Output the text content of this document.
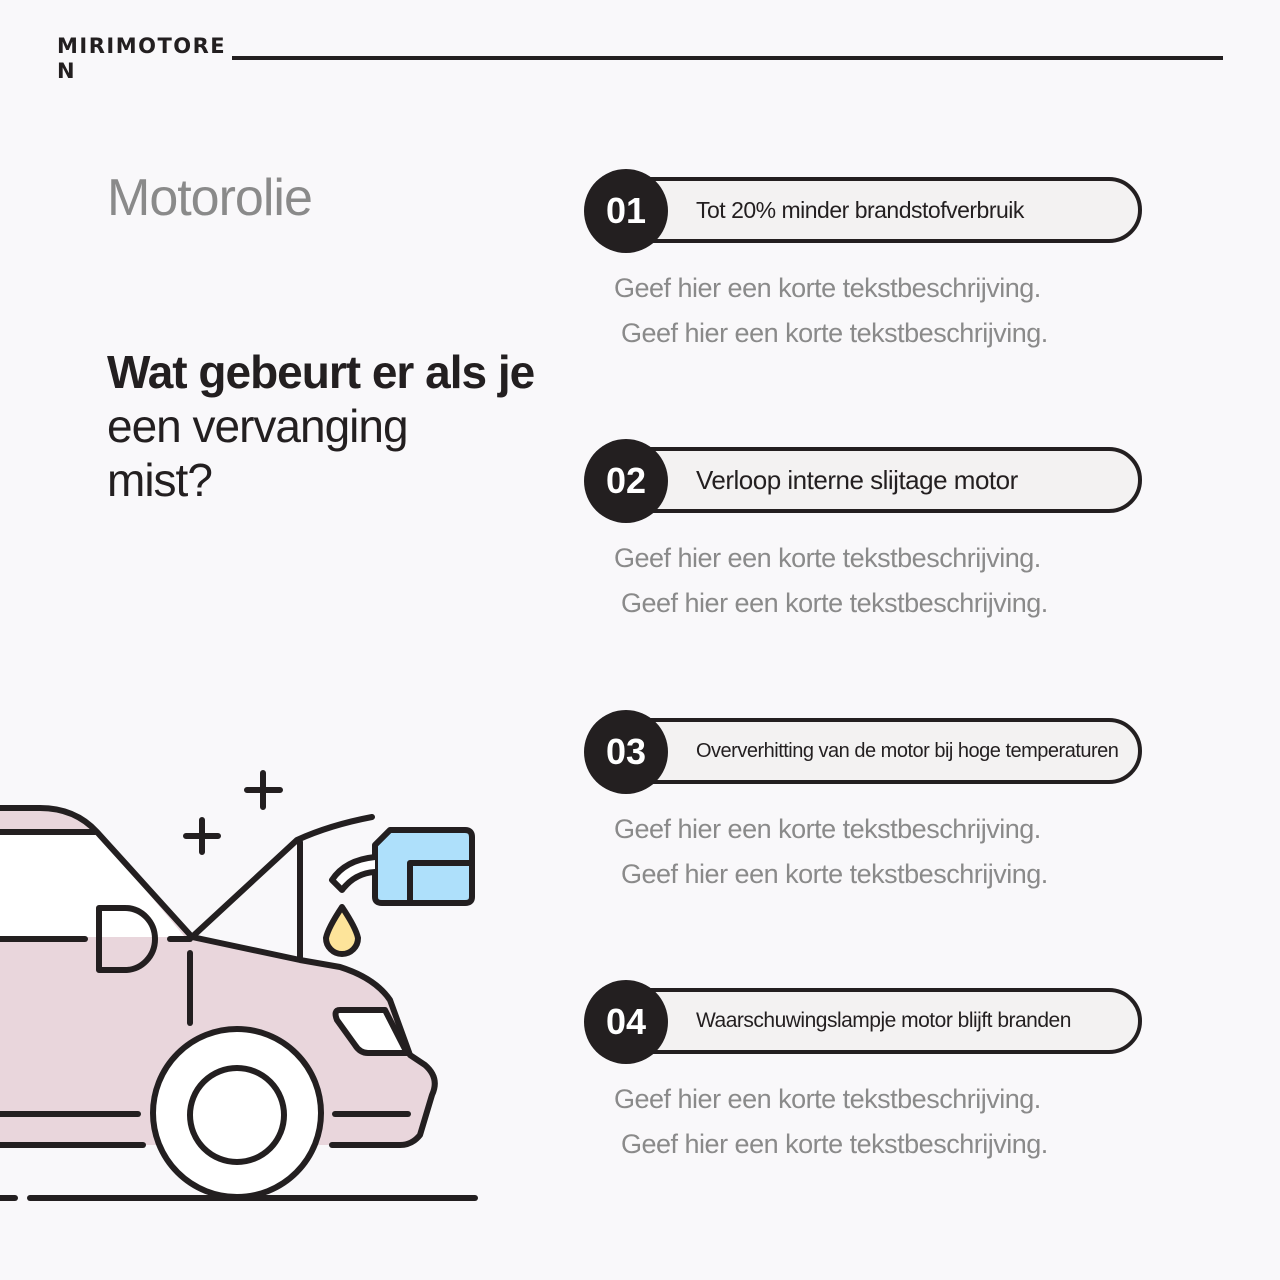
MIRIMOTOREN
Motorolie
Wat gebeurt er als je
een vervanging
mist?
Tot 20% minder brandstofverbruik
01
Geef hier een korte tekstbeschrijving.
Geef hier een korte tekstbeschrijving.
Verloop interne slijtage motor
02
Geef hier een korte tekstbeschrijving.
Geef hier een korte tekstbeschrijving.
Oververhitting van de motor bij hoge temperaturen
03
Geef hier een korte tekstbeschrijving.
Geef hier een korte tekstbeschrijving.
Waarschuwingslampje motor blijft branden
04
Geef hier een korte tekstbeschrijving.
Geef hier een korte tekstbeschrijving.
